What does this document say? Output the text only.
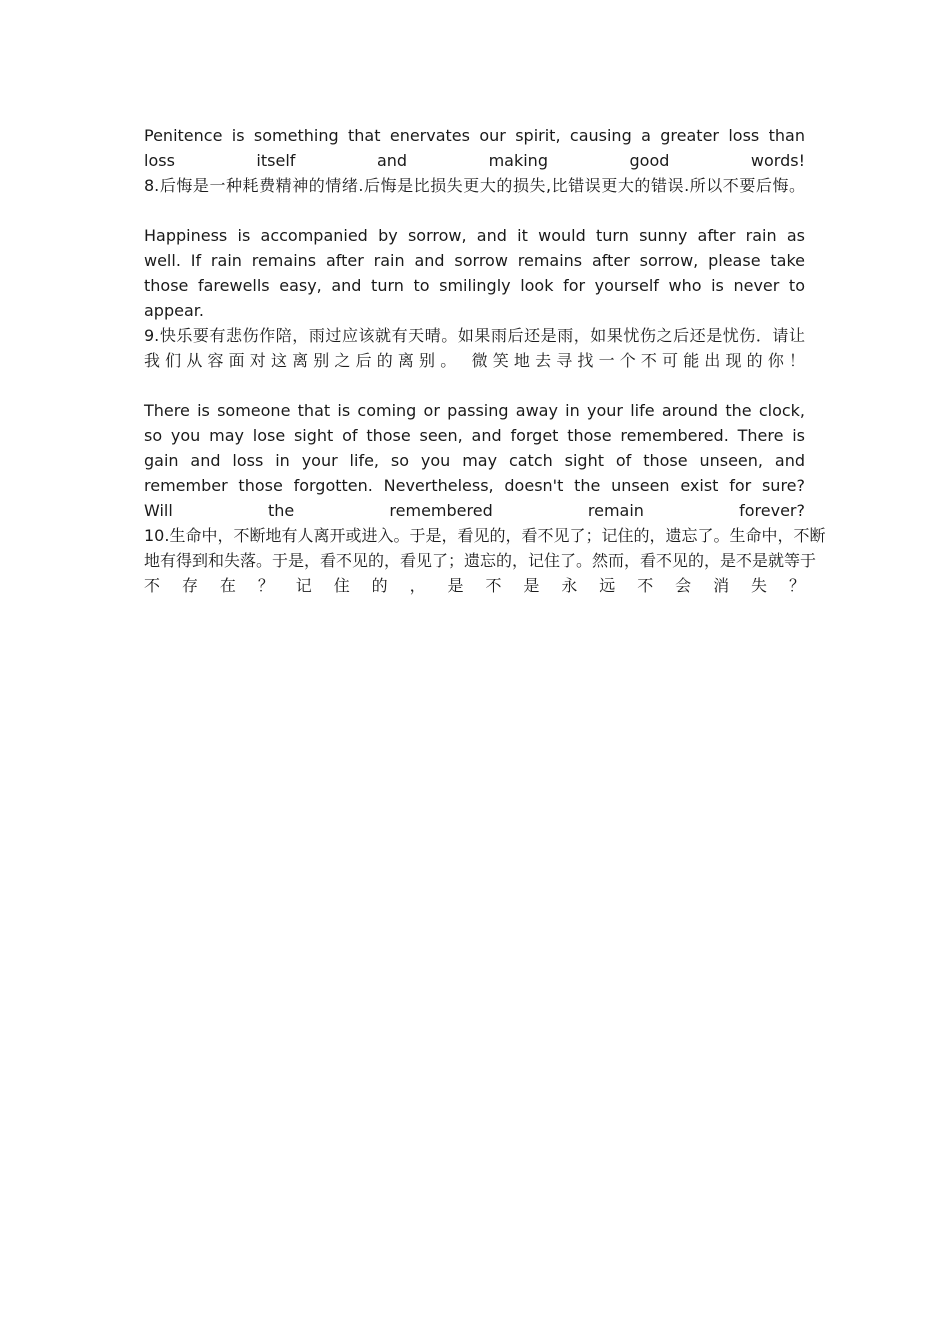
Penitence is something that enervates our spirit, causing a greater loss than
loss itself and making good words!
8.后悔是一种耗费精神的情绪.后悔是比损失更大的损失,比错误更大的错误.所以不要后悔。
Happiness is accompanied by sorrow, and it would turn sunny after rain as
well. If rain remains after rain and sorrow remains after sorrow, please take
those farewells easy, and turn to smilingly look for yourself who is never to
appear.
9.快乐要有悲伤作陪，雨过应该就有天晴。如果雨后还是雨，如果忧伤之后还是忧伤．请让
我们从容面对这离别之后的离别。 微笑地去寻找一个不可能出现的你！
There is someone that is coming or passing away in your life around the clock,
so you may lose sight of those seen, and forget those remembered. There is
gain and loss in your life, so you may catch sight of those unseen, and
remember those forgotten. Nevertheless, doesn't the unseen exist for sure?
Will the remembered remain forever?
10.生命中，不断地有人离开或进入。于是，看见的，看不见了；记住的，遗忘了。生命中，不断
地有得到和失落。于是，看不见的，看见了；遗忘的，记住了。然而，看不见的，是不是就等于
不 存 在 ？ 记 住 的 ， 是 不 是 永 远 不 会 消 失 ？
